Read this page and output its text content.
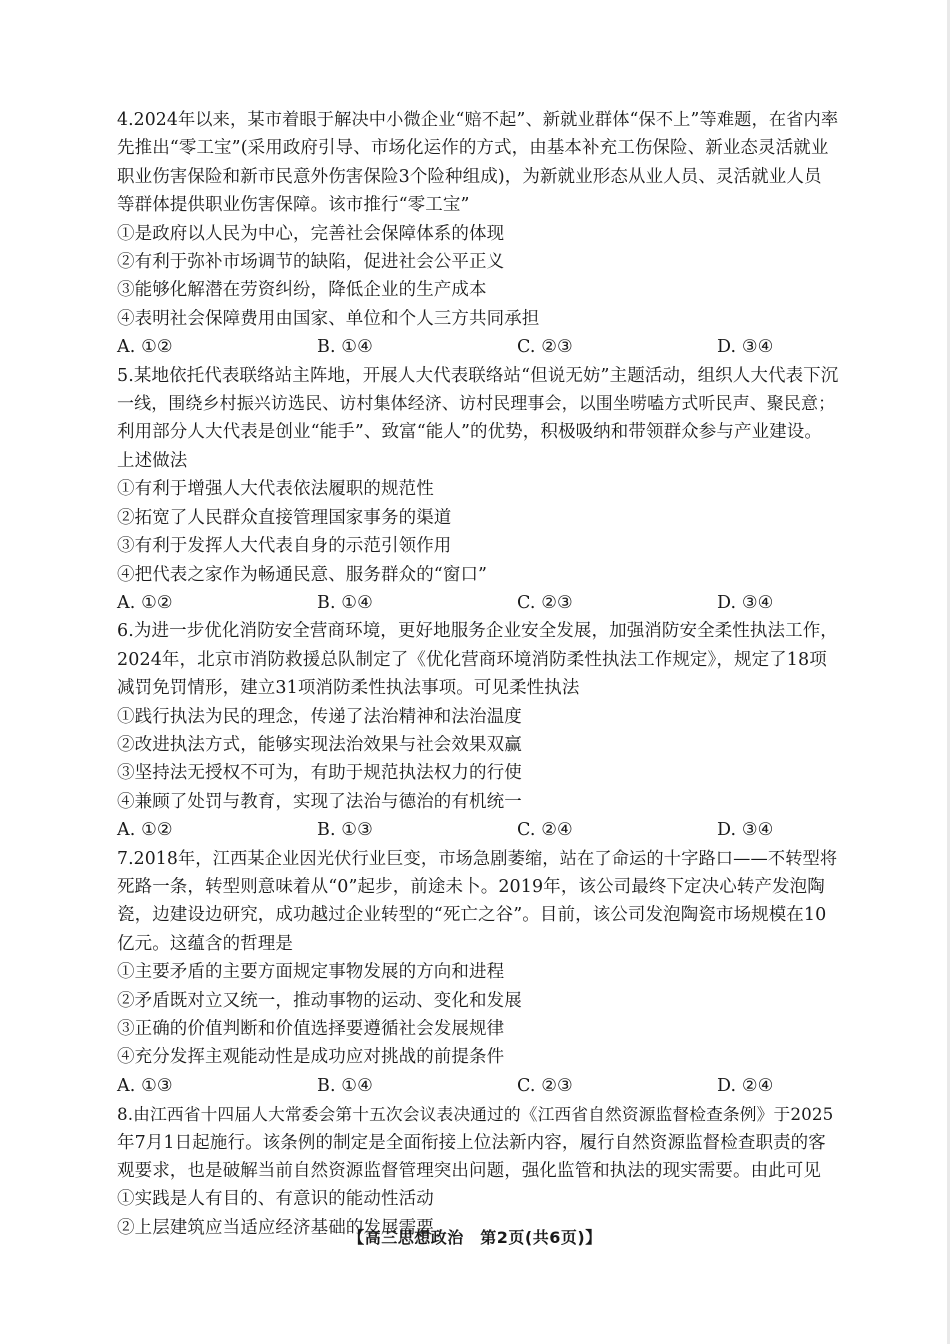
4.2024年以来，某市着眼于解决中小微企业“赔不起”、新就业群体“保不上”等难题，在省内率
先推出“零工宝”(采用政府引导、市场化运作的方式，由基本补充工伤保险、新业态灵活就业
职业伤害保险和新市民意外伤害保险3个险种组成)，为新就业形态从业人员、灵活就业人员
等群体提供职业伤害保障。该市推行“零工宝”
①是政府以人民为中心，完善社会保障体系的体现
②有利于弥补市场调节的缺陷，促进社会公平正义
③能够化解潜在劳资纠纷，降低企业的生产成本
④表明社会保障费用由国家、单位和个人三方共同承担
A. ①②	B. ①④	C. ②③	D. ③④
5.某地依托代表联络站主阵地，开展人大代表联络站“但说无妨”主题活动，组织人大代表下沉
一线，围绕乡村振兴访选民、访村集体经济、访村民理事会，以围坐唠嗑方式听民声、聚民意；
利用部分人大代表是创业“能手”、致富“能人”的优势，积极吸纳和带领群众参与产业建设。
上述做法
①有利于增强人大代表依法履职的规范性
②拓宽了人民群众直接管理国家事务的渠道
③有利于发挥人大代表自身的示范引领作用
④把代表之家作为畅通民意、服务群众的“窗口”
A. ①②	B. ①④	C. ②③	D. ③④
6.为进一步优化消防安全营商环境，更好地服务企业安全发展，加强消防安全柔性执法工作，
2024年，北京市消防救援总队制定了《优化营商环境消防柔性执法工作规定》，规定了18项
减罚免罚情形，建立31项消防柔性执法事项。可见柔性执法
①践行执法为民的理念，传递了法治精神和法治温度
②改进执法方式，能够实现法治效果与社会效果双赢
③坚持法无授权不可为，有助于规范执法权力的行使
④兼顾了处罚与教育，实现了法治与德治的有机统一
A. ①②	B. ①③	C. ②④	D. ③④
7.2018年，江西某企业因光伏行业巨变，市场急剧萎缩，站在了命运的十字路口——不转型将
死路一条，转型则意味着从“0”起步，前途未卜。2019年，该公司最终下定决心转产发泡陶
瓷，边建设边研究，成功越过企业转型的“死亡之谷”。目前，该公司发泡陶瓷市场规模在10
亿元。这蕴含的哲理是
①主要矛盾的主要方面规定事物发展的方向和进程
②矛盾既对立又统一，推动事物的运动、变化和发展
③正确的价值判断和价值选择要遵循社会发展规律
④充分发挥主观能动性是成功应对挑战的前提条件
A. ①③	B. ①④	C. ②③	D. ②④
8.由江西省十四届人大常委会第十五次会议表决通过的《江西省自然资源监督检查条例》于2025
年7月1日起施行。该条例的制定是全面衔接上位法新内容，履行自然资源监督检查职责的客
观要求，也是破解当前自然资源监督管理突出问题，强化监管和执法的现实需要。由此可见
①实践是人有目的、有意识的能动性活动
②上层建筑应当适应经济基础的发展需要
【高三思想政治　第2页(共6页)】
